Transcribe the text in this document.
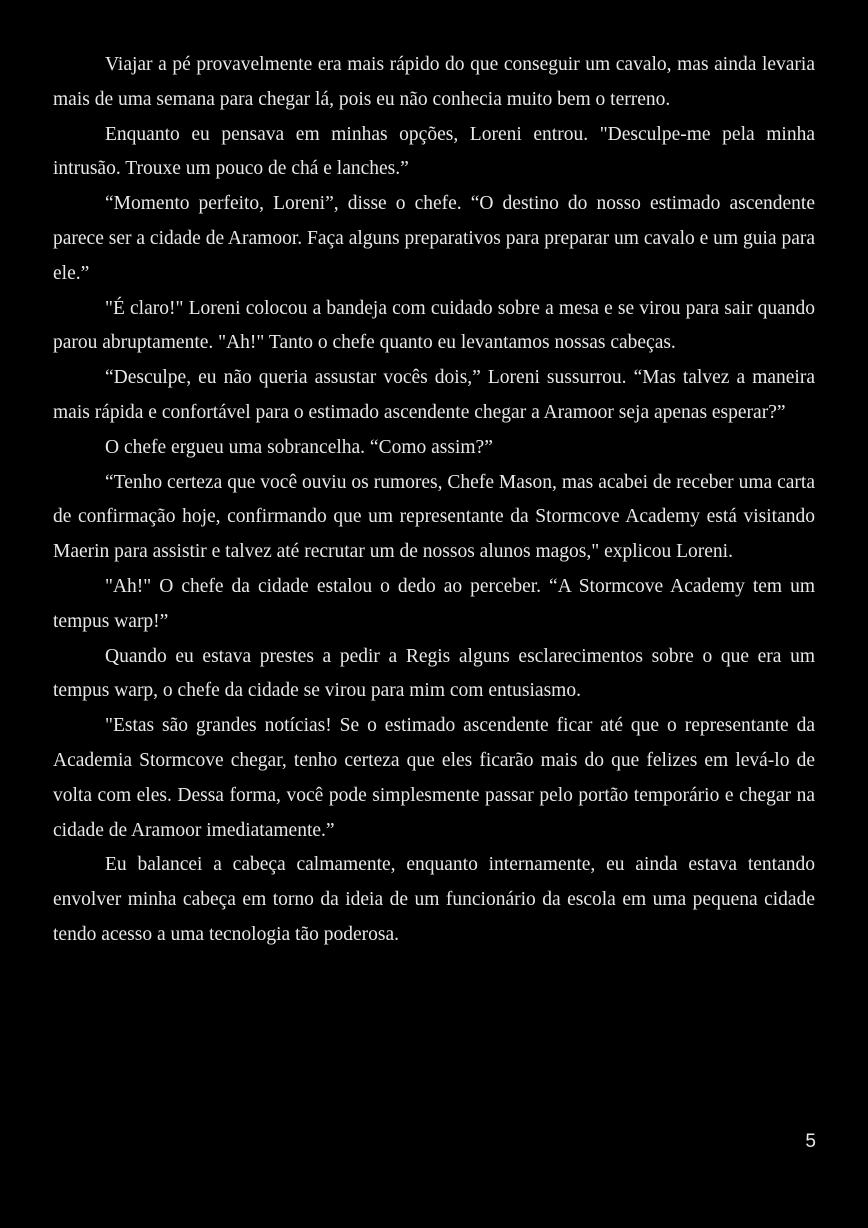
Viajar a pé provavelmente era mais rápido do que conseguir um cavalo, mas ainda levaria mais de uma semana para chegar lá, pois eu não conhecia muito bem o terreno.

Enquanto eu pensava em minhas opções, Loreni entrou. "Desculpe-me pela minha intrusão. Trouxe um pouco de chá e lanches.”

“Momento perfeito, Loreni”, disse o chefe. “O destino do nosso estimado ascendente parece ser a cidade de Aramoor. Faça alguns preparativos para preparar um cavalo e um guia para ele.”

"É claro!" Loreni colocou a bandeja com cuidado sobre a mesa e se virou para sair quando parou abruptamente. "Ah!" Tanto o chefe quanto eu levantamos nossas cabeças.

“Desculpe, eu não queria assustar vocês dois,” Loreni sussurrou. “Mas talvez a maneira mais rápida e confortável para o estimado ascendente chegar a Aramoor seja apenas esperar?”

O chefe ergueu uma sobrancelha. “Como assim?”

“Tenho certeza que você ouviu os rumores, Chefe Mason, mas acabei de receber uma carta de confirmação hoje, confirmando que um representante da Stormcove Academy está visitando Maerin para assistir e talvez até recrutar um de nossos alunos magos," explicou Loreni.

"Ah!" O chefe da cidade estalou o dedo ao perceber. “A Stormcove Academy tem um tempus warp!”

Quando eu estava prestes a pedir a Regis alguns esclarecimentos sobre o que era um tempus warp, o chefe da cidade se virou para mim com entusiasmo.

"Estas são grandes notícias! Se o estimado ascendente ficar até que o representante da Academia Stormcove chegar, tenho certeza que eles ficarão mais do que felizes em levá-lo de volta com eles. Dessa forma, você pode simplesmente passar pelo portão temporário e chegar na cidade de Aramoor imediatamente.”

Eu balancei a cabeça calmamente, enquanto internamente, eu ainda estava tentando envolver minha cabeça em torno da ideia de um funcionário da escola em uma pequena cidade tendo acesso a uma tecnologia tão poderosa.

5
